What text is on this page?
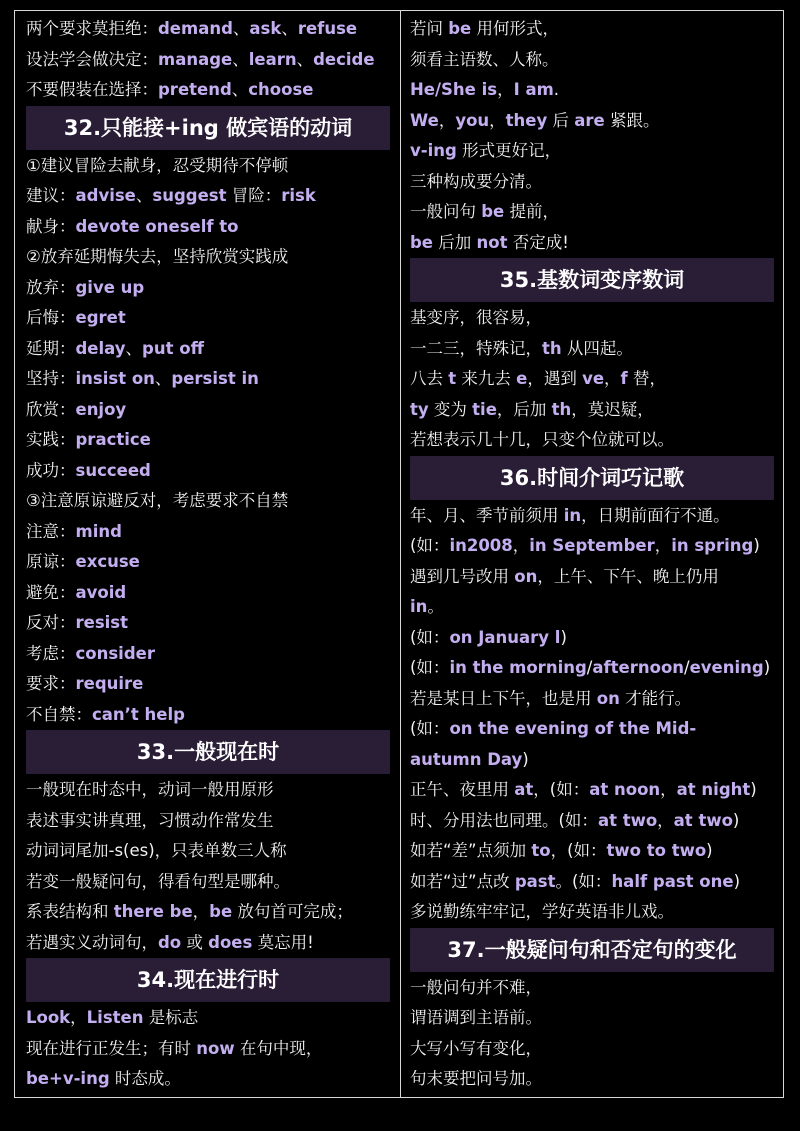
两个要求莫拒绝：demand、ask、refuse
设法学会做决定：manage、learn、decide
不要假装在选择：pretend、choose
32.只能接+ing 做宾语的动词
①建议冒险去献身，忍受期待不停顿
建议：advise、suggest 冒险：risk
献身：devote oneself to
②放弃延期悔失去，坚持欣赏实践成
放弃：give up
后悔：egret
延期：delay、put off
坚持：insist on、persist in
欣赏：enjoy
实践：practice
成功：succeed
③注意原谅避反对，考虑要求不自禁
注意：mind
原谅：excuse
避免：avoid
反对：resist
考虑：consider
要求：require
不自禁：can’t help
33.一般现在时
一般现在时态中，动词一般用原形
表述事实讲真理，习惯动作常发生
动词词尾加-s(es)，只表单数三人称
若变一般疑问句，得看句型是哪种。
系表结构和 there be，be 放句首可完成；
若遇实义动词句，do 或 does 莫忘用!
34.现在进行时
Look，Listen 是标志
现在进行正发生；有时 now 在句中现，
be+v-ing 时态成。
若问 be 用何形式，
须看主语数、人称。
He/She is，I am.
We，you，they 后 are 紧跟。
v-ing 形式更好记，
三种构成要分清。
一般问句 be 提前，
be 后加 not 否定成!
35.基数词变序数词
基变序，很容易，
一二三，特殊记，th 从四起。
八去 t 来九去 e，遇到 ve，f 替，
ty 变为 tie，后加 th，莫迟疑，
若想表示几十几，只变个位就可以。
36.时间介词巧记歌
年、月、季节前须用 in，日期前面行不通。
(如：in2008，in September，in spring)
遇到几号改用 on，上午、下午、晚上仍用
in。
(如：on January l)
(如：in the morning/afternoon/evening)
若是某日上下午，也是用 on 才能行。
(如：on the evening of the Mid-
autumn Day)
正午、夜里用 at，(如：at noon，at night)
时、分用法也同理。(如：at two，at two)
如若“差”点须加 to，(如：two to two)
如若“过”点改 past。(如：half past one)
多说勤练牢牢记，学好英语非儿戏。
37.一般疑问句和否定句的变化
一般问句并不难，
谓语调到主语前。
大写小写有变化，
句末要把问号加。
